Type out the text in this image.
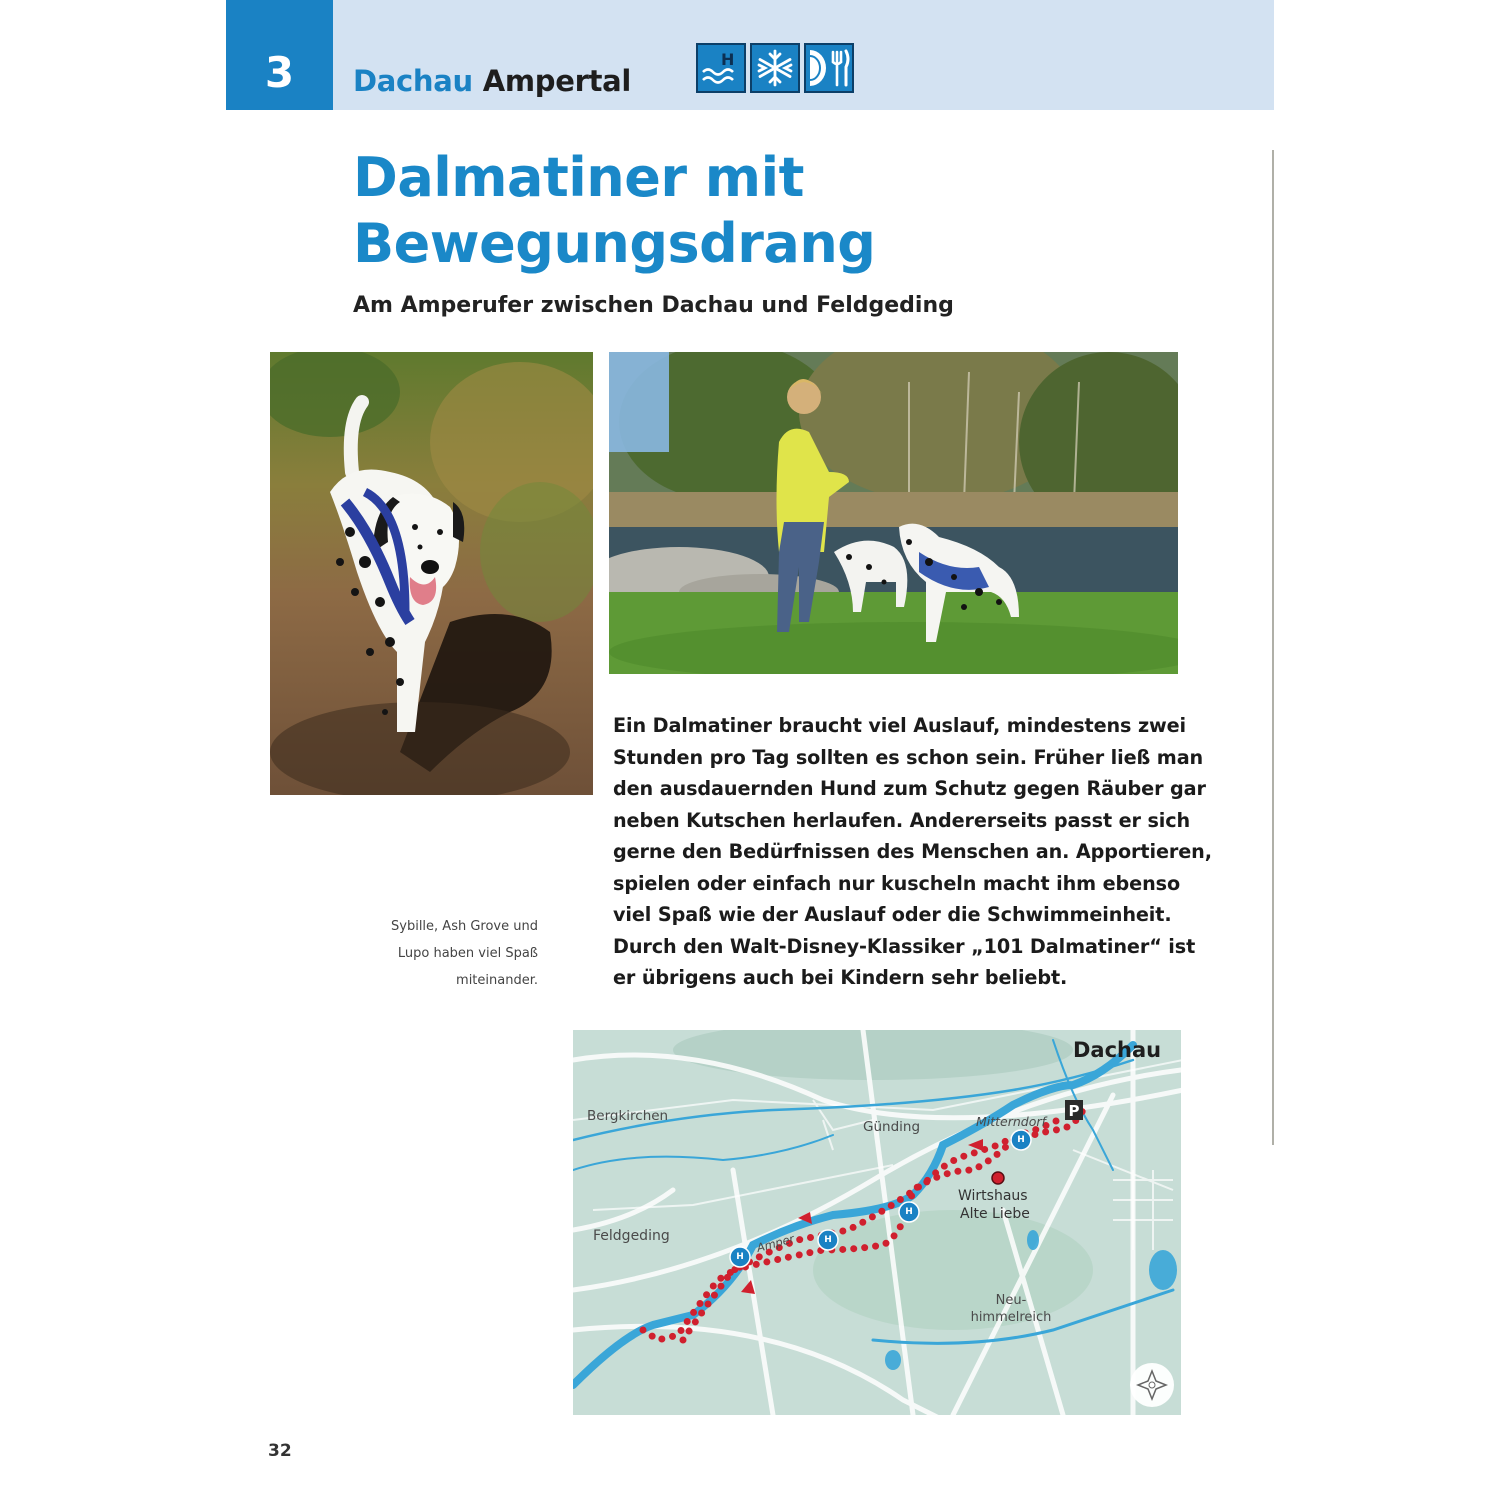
3	Dachau Ampertal
H
Dalmatiner mit
Bewegungsdrang
Am Amperufer zwischen Dachau und Feldgeding
Sybille, Ash Grove und
Lupo haben viel Spaß
miteinander.
Ein Dalmatiner braucht viel Auslauf, mindestens zwei
Stunden pro Tag sollten es schon sein. Früher ließ man
den ausdauernden Hund zum Schutz gegen Räuber gar
neben Kutschen herlaufen. Andererseits passt er sich
gerne den Bedürfnissen des Menschen an. Apportieren,
spielen oder einfach nur kuscheln macht ihm ebenso
viel Spaß wie der Auslauf oder die Schwimmeinheit.
Durch den Walt-Disney-Klassiker „101 Dalmatiner“ ist
er übrigens auch bei Kindern sehr beliebt.
H
H
H
H
P
Dachau
Bergkirchen
Günding	Mitterndorf
Wirtshaus
Alte Liebe
Feldgeding	Amper
Neu-
himmelreich
32
